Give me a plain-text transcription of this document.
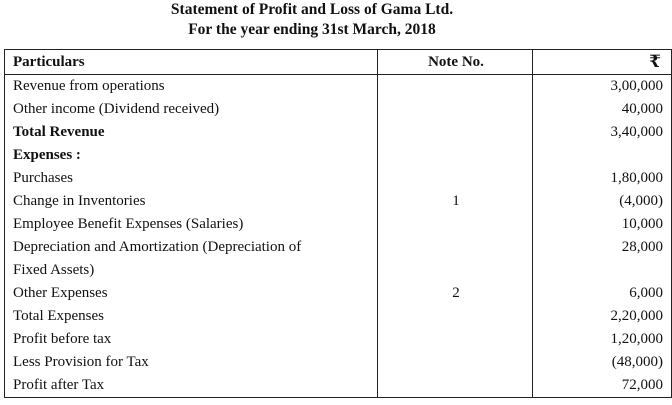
Statement of Profit and Loss of Gama Ltd.
For the year ending 31st March, 2018
Particulars	Note No.	₹
Revenue from operations		3,00,000
Other income (Dividend received)		40,000
Total Revenue		3,40,000
Expenses :		
Purchases		1,80,000
Change in Inventories	1	(4,000)
Employee Benefit Expenses (Salaries)		10,000
Depreciation and Amortization (Depreciation of		28,000
Fixed Assets)		
Other Expenses	2	6,000
Total Expenses		2,20,000
Profit before tax		1,20,000
Less Provision for Tax		(48,000)
Profit after Tax		72,000
